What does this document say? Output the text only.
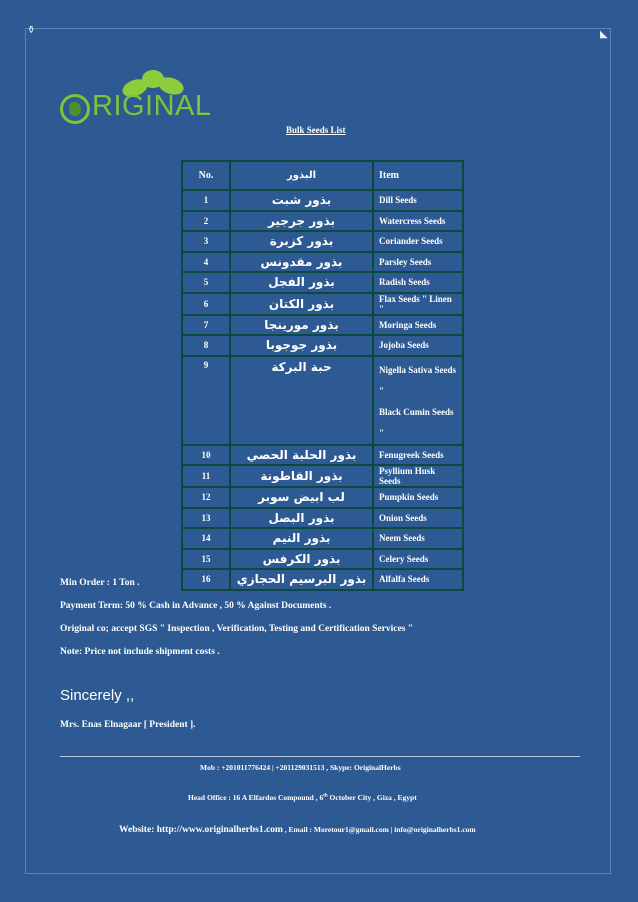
⚱	◣
RIGINAL
Bulk Seeds List
No.	البذور	Item
1	بذور شبت	Dill Seeds
2	بذور جرجير	Watercress Seeds
3	بذور كزبرة	Coriander Seeds
4	بذور مقدونس	Parsley Seeds
5	بذور الفجل	Radish Seeds
6	بذور الكتان	Flax Seeds " Linen "
7	بذور مورينجا	Moringa Seeds
8	بذور جوجوبا	Jojoba Seeds
9	حبة البركة	Nigella Sativa Seeds "
Black Cumin Seeds "
10	بذور الحلبة الحصي	Fenugreek Seeds
11	بذور القاطونة	Psyllium Husk Seeds
12	لب ابيض سوبر	Pumpkin Seeds
13	بذور البصل	Onion Seeds
14	بذور النيم	Neem Seeds
15	بذور الكرفس	Celery Seeds
16	بذور البرسيم الحجازي	Alfalfa Seeds
Min Order : 1 Ton .
Payment Term: 50 % Cash in Advance , 50 % Against Documents .
Original co; accept SGS " Inspection , Verification, Testing and Certification Services "
Note: Price not include shipment costs .
Sincerely ,,
Mrs. Enas Elnagaar [ President ].
Mob : +201011776424 | +201129031513 , Skype: OriginalHerbs
Head Office : 16 A Elfardos Compound , 6th October City , Giza , Egypt
Website: http://www.originalherbs1.com , Email : Moretour1@gmail.com | info@originalherbs1.com
